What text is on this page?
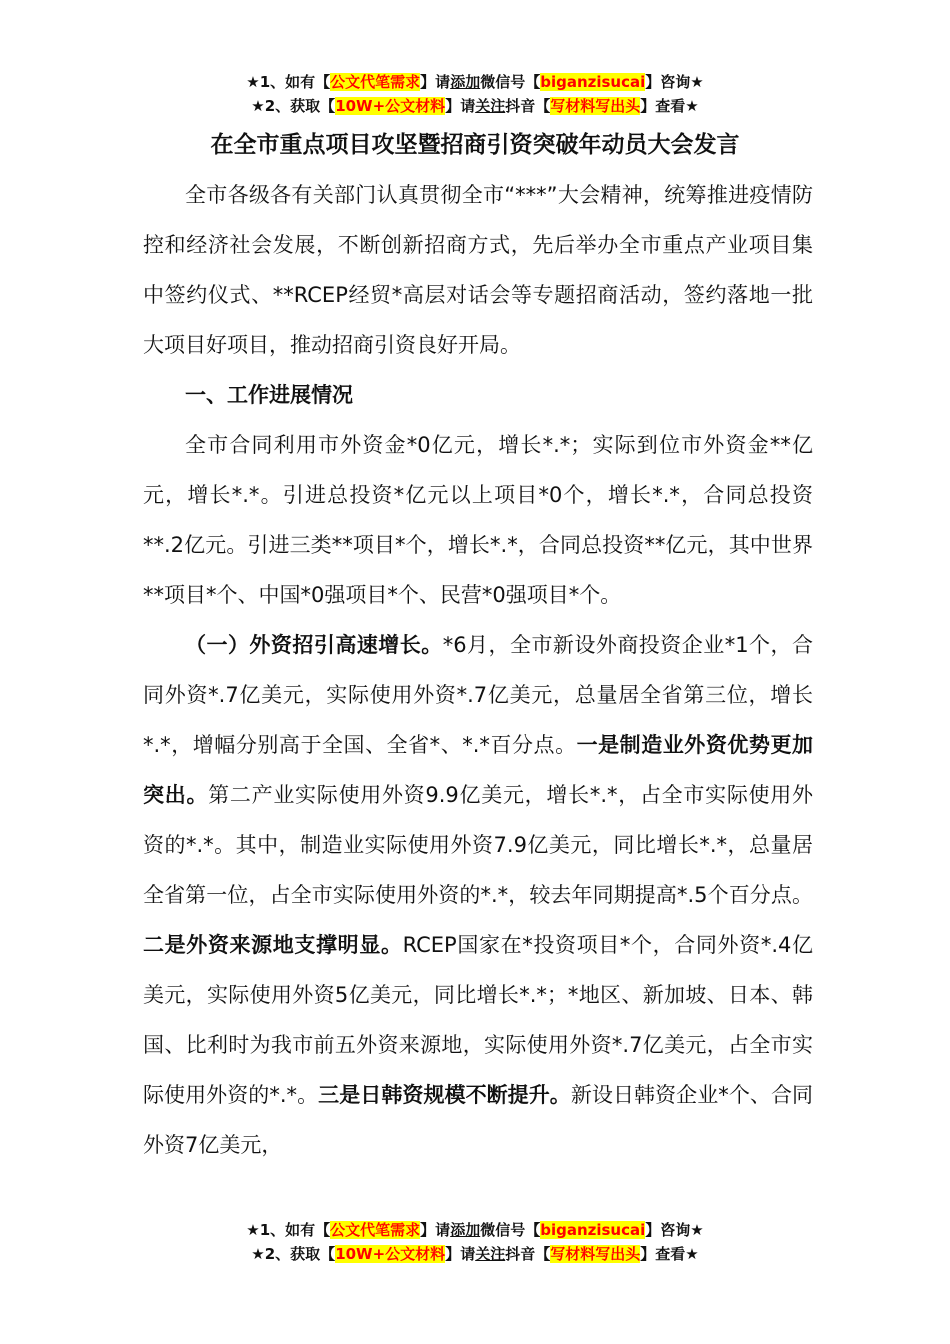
★1、如有【公文代笔需求】请添加微信号【biganzisucai】咨询★
★2、获取【10W+公文材料】请关注抖音【写材料写出头】查看★
在全市重点项目攻坚暨招商引资突破年动员大会发言

全市各级各有关部门认真贯彻全市“***”大会精神，统筹推进疫情防控和经济社会发展，不断创新招商方式，先后举办全市重点产业项目集中签约仪式、**RCEP经贸*高层对话会等专题招商活动，签约落地一批大项目好项目，推动招商引资良好开局。

一、工作进展情况

全市合同利用市外资金*0亿元，增长*.*；实际到位市外资金**亿元，增长*.*。引进总投资*亿元以上项目*0个，增长*.*，合同总投资**.2亿元。引进三类**项目*个，增长*.*，合同总投资**亿元，其中世界**项目*个、中国*0强项目*个、民营*0强项目*个。

（一）外资招引高速增长。*6月，全市新设外商投资企业*1个，合同外资*.7亿美元，实际使用外资*.7亿美元，总量居全省第三位，增长*.*，增幅分别高于全国、全省*、*.*百分点。一是制造业外资优势更加突出。第二产业实际使用外资9.9亿美元，增长*.*，占全市实际使用外资的*.*。其中，制造业实际使用外资7.9亿美元，同比增长*.*，总量居全省第一位，占全市实际使用外资的*.*，较去年同期提高*.5个百分点。二是外资来源地支撑明显。RCEP国家在*投资项目*个，合同外资*.4亿美元，实际使用外资5亿美元，同比增长*.*；*地区、新加坡、日本、韩国、比利时为我市前五外资来源地，实际使用外资*.7亿美元，占全市实际使用外资的*.*。三是日韩资规模不断提升。新设日韩资企业*个、合同外资7亿美元，

★1、如有【公文代笔需求】请添加微信号【biganzisucai】咨询★
★2、获取【10W+公文材料】请关注抖音【写材料写出头】查看★
